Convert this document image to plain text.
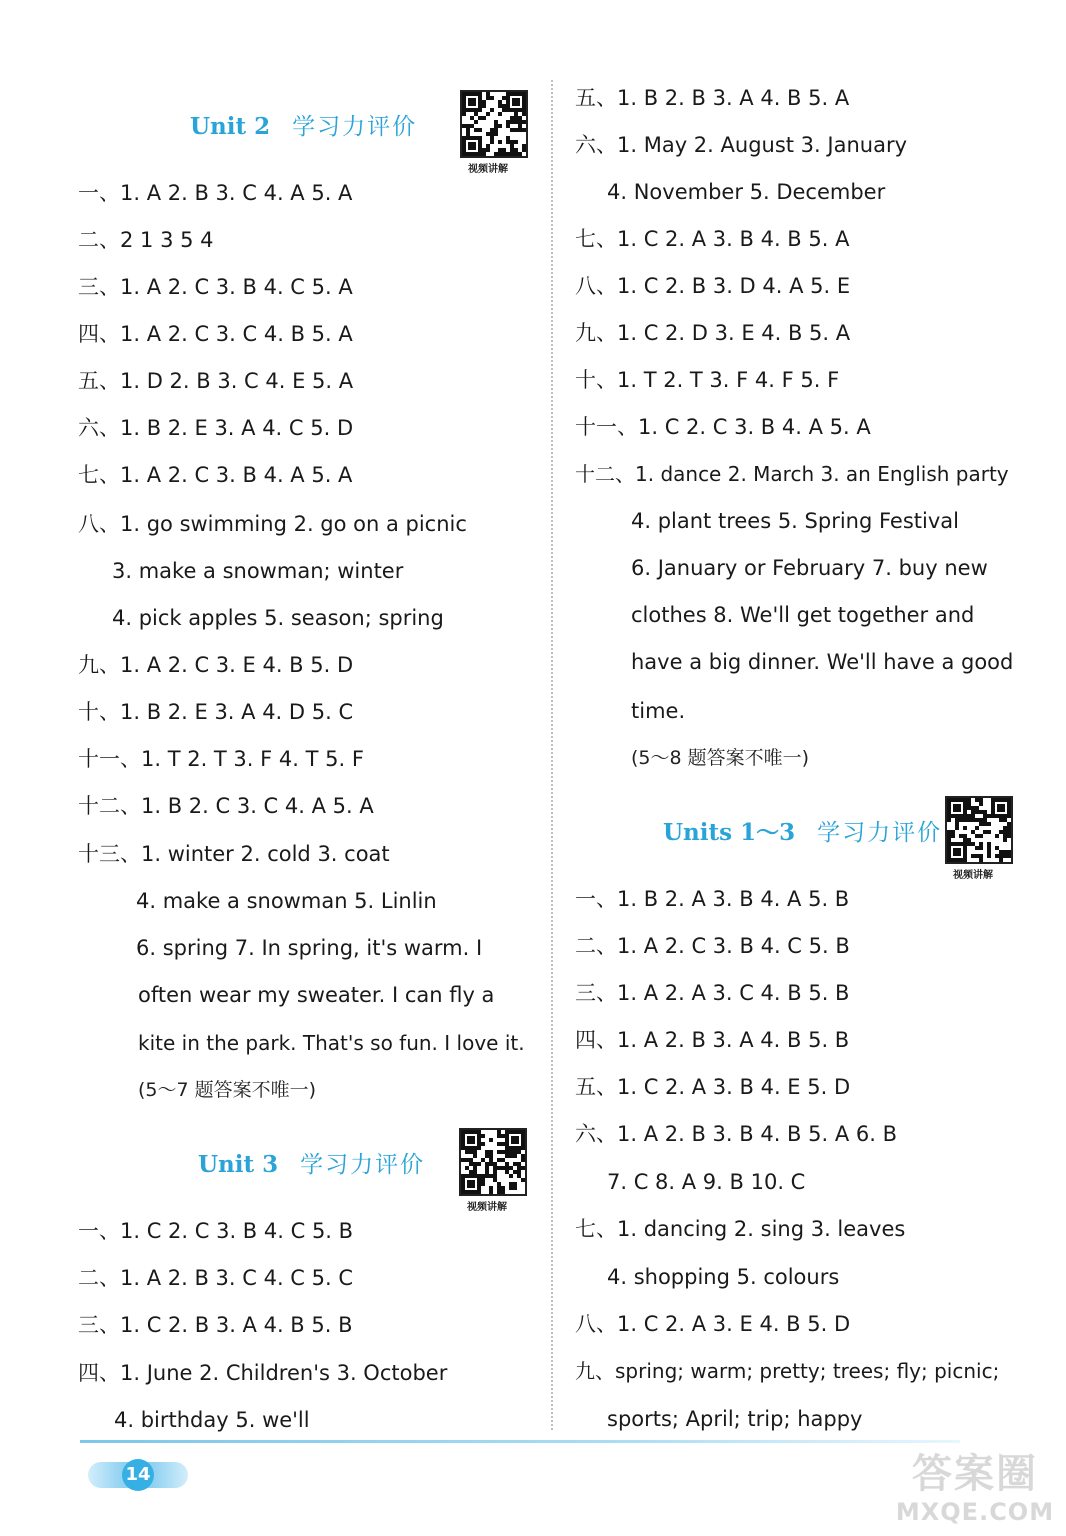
Unit 2 学习力评价
视频讲解
一、1. A 2. B 3. C 4. A 5. A
二、2 1 3 5 4
三、1. A 2. C 3. B 4. C 5. A
四、1. A 2. C 3. C 4. B 5. A
五、1. D 2. B 3. C 4. E 5. A
六、1. B 2. E 3. A 4. C 5. D
七、1. A 2. C 3. B 4. A 5. A
八、1. go swimming 2. go on a picnic
3. make a snowman; winter
4. pick apples 5. season; spring
九、1. A 2. C 3. E 4. B 5. D
十、1. B 2. E 3. A 4. D 5. C
十一、1. T 2. T 3. F 4. T 5. F
十二、1. B 2. C 3. C 4. A 5. A
十三、1. winter 2. cold 3. coat
4. make a snowman 5. Linlin
6. spring 7. In spring, it's warm. I
often wear my sweater. I can fly a
kite in the park. That's so fun. I love it.
(5～7 题答案不唯一)
Unit 3 学习力评价
视频讲解
一、1. C 2. C 3. B 4. C 5. B
二、1. A 2. B 3. C 4. C 5. C
三、1. C 2. B 3. A 4. B 5. B
四、1. June 2. Children's 3. October
4. birthday 5. we'll
五、1. B 2. B 3. A 4. B 5. A
六、1. May 2. August 3. January
4. November 5. December
七、1. C 2. A 3. B 4. B 5. A
八、1. C 2. B 3. D 4. A 5. E
九、1. C 2. D 3. E 4. B 5. A
十、1. T 2. T 3. F 4. F 5. F
十一、1. C 2. C 3. B 4. A 5. A
十二、1. dance 2. March 3. an English party
4. plant trees 5. Spring Festival
6. January or February 7. buy new
clothes 8. We'll get together and
have a big dinner. We'll have a good
time.
(5～8 题答案不唯一)
Units 1～3 学习力评价
视频讲解
一、1. B 2. A 3. B 4. A 5. B
二、1. A 2. C 3. B 4. C 5. B
三、1. A 2. A 3. C 4. B 5. B
四、1. A 2. B 3. A 4. B 5. B
五、1. C 2. A 3. B 4. E 5. D
六、1. A 2. B 3. B 4. B 5. A 6. B
7. C 8. A 9. B 10. C
七、1. dancing 2. sing 3. leaves
4. shopping 5. colours
八、1. C 2. A 3. E 4. B 5. D
九、spring; warm; pretty; trees; fly; picnic;
sports; April; trip; happy
14	答案圈
MXQE.COM
